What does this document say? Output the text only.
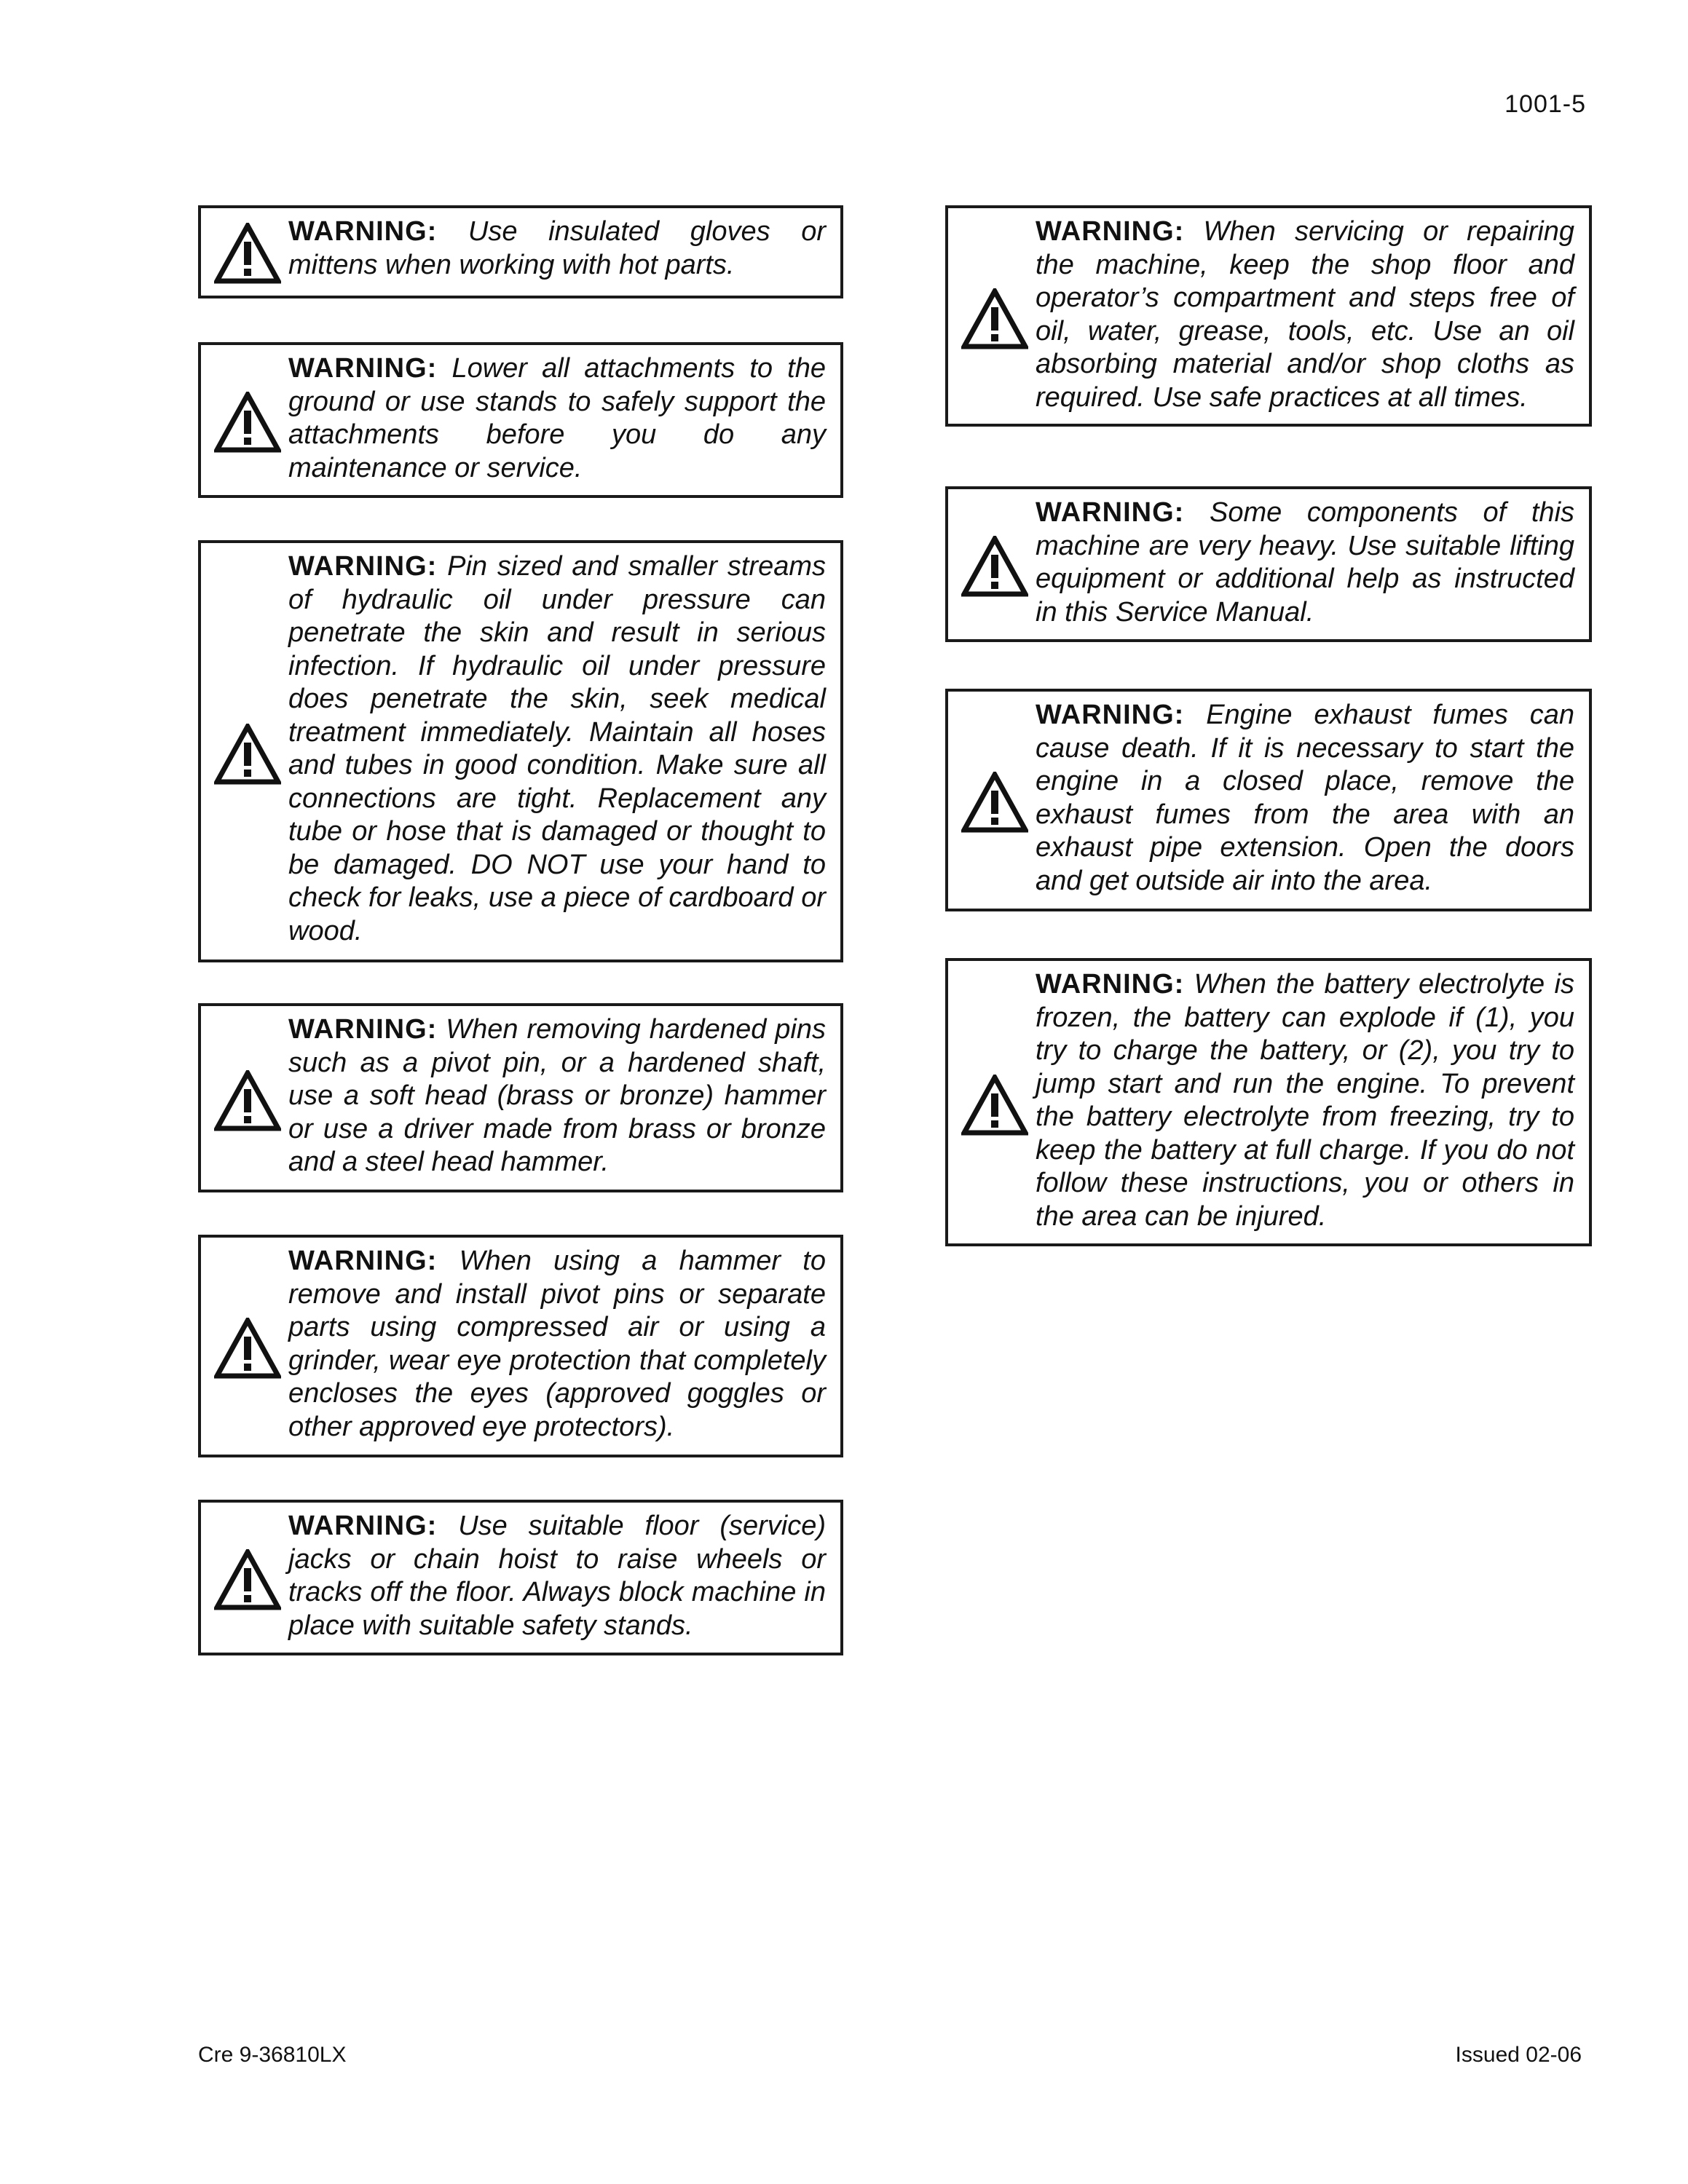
1001-5
WARNING: Use insulated gloves or mittens when working with hot parts.
WARNING: Lower all attachments to the ground or use stands to safely support the attachments before you do any maintenance or service.
WARNING: Pin sized and smaller streams of hydraulic oil under pressure can penetrate the skin and result in serious infection. If hydraulic oil under pressure does penetrate the skin, seek medical treatment immediately. Maintain all hoses and tubes in good condition. Make sure all connections are tight. Replacement any tube or hose that is damaged or thought to be damaged. DO NOT use your hand to check for leaks, use a piece of cardboard or wood.
WARNING: When removing hardened pins such as a pivot pin, or a hardened shaft, use a soft head (brass or bronze) hammer or use a driver made from brass or bronze and a steel head hammer.
WARNING: When using a hammer to remove and install pivot pins or separate parts using compressed air or using a grinder, wear eye protection that completely encloses the eyes (approved goggles or other approved eye protectors).
WARNING: Use suitable floor (service) jacks or chain hoist to raise wheels or tracks off the floor. Always block machine in place with suitable safety stands.
WARNING: When servicing or repairing the machine, keep the shop floor and operator’s compartment and steps free of oil, water, grease, tools, etc. Use an oil absorbing material and/or shop cloths as required. Use safe practices at all times.
WARNING: Some components of this machine are very heavy. Use suitable lifting equipment or additional help as instructed in this Service Manual.
WARNING: Engine exhaust fumes can cause death. If it is necessary to start the engine in a closed place, remove the exhaust fumes from the area with an exhaust pipe extension. Open the doors and get outside air into the area.
WARNING: When the battery electrolyte is frozen, the battery can explode if (1), you try to charge the battery, or (2), you try to jump start and run the engine. To prevent the battery electrolyte from freezing, try to keep the battery at full charge. If you do not follow these instructions, you or others in the area can be injured.
Cre 9-36810LX	Issued 02-06
